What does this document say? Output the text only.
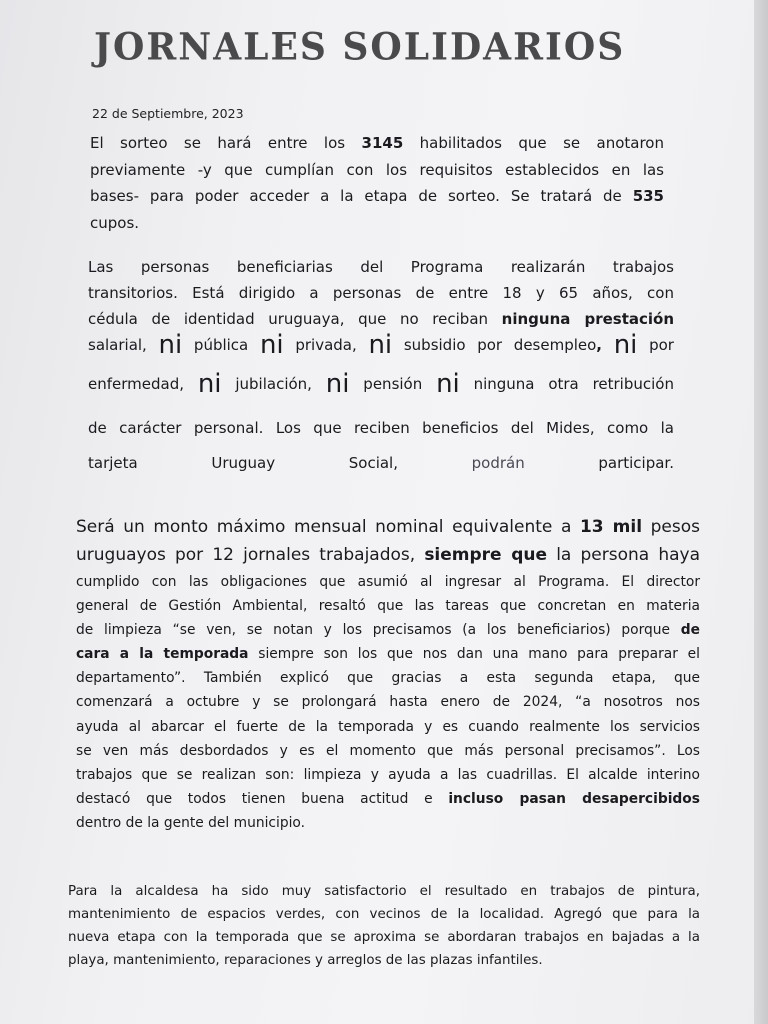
JORNALES SOLIDARIOS
22 de Septiembre, 2023

El sorteo se hará entre los 3145 habilitados que se anotaron
previamente -y que cumplían con los requisitos establecidos en las
bases- para poder acceder a la etapa de sorteo. Se tratará de 535
cupos.

Las personas beneficiarias del Programa realizarán trabajos
transitorios. Está dirigido a personas de entre 18 y 65 años, con
cédula de identidad uruguaya, que no reciban ninguna prestación
salarial, ni pública ni privada, ni subsidio por desempleo, ni por
enfermedad, ni jubilación, ni pensión ni ninguna otra retribución
de carácter personal. Los que reciben beneficios del Mides, como la
tarjeta Uruguay Social, podrán participar.

Será un monto máximo mensual nominal equivalente a 13 mil pesos
uruguayos por 12 jornales trabajados, siempre que la persona haya

cumplido con las obligaciones que asumió al ingresar al Programa. El director
general de Gestión Ambiental, resaltó que las tareas que concretan en materia
de limpieza “se ven, se notan y los precisamos (a los beneficiarios) porque de
cara a la temporada siempre son los que nos dan una mano para preparar el
departamento”. También explicó que gracias a esta segunda etapa, que
comenzará a octubre y se prolongará hasta enero de 2024, “a nosotros nos
ayuda al abarcar el fuerte de la temporada y es cuando realmente los servicios
se ven más desbordados y es el momento que más personal precisamos”. Los
trabajos que se realizan son: limpieza y ayuda a las cuadrillas. El alcalde interino
destacó que todos tienen buena actitud e incluso pasan desapercibidos
dentro de la gente del municipio.

Para la alcaldesa ha sido muy satisfactorio el resultado en trabajos de pintura,
mantenimiento de espacios verdes, con vecinos de la localidad. Agregó que para la
nueva etapa con la temporada que se aproxima se abordaran trabajos en bajadas a la
playa, mantenimiento, reparaciones y arreglos de las plazas infantiles.
